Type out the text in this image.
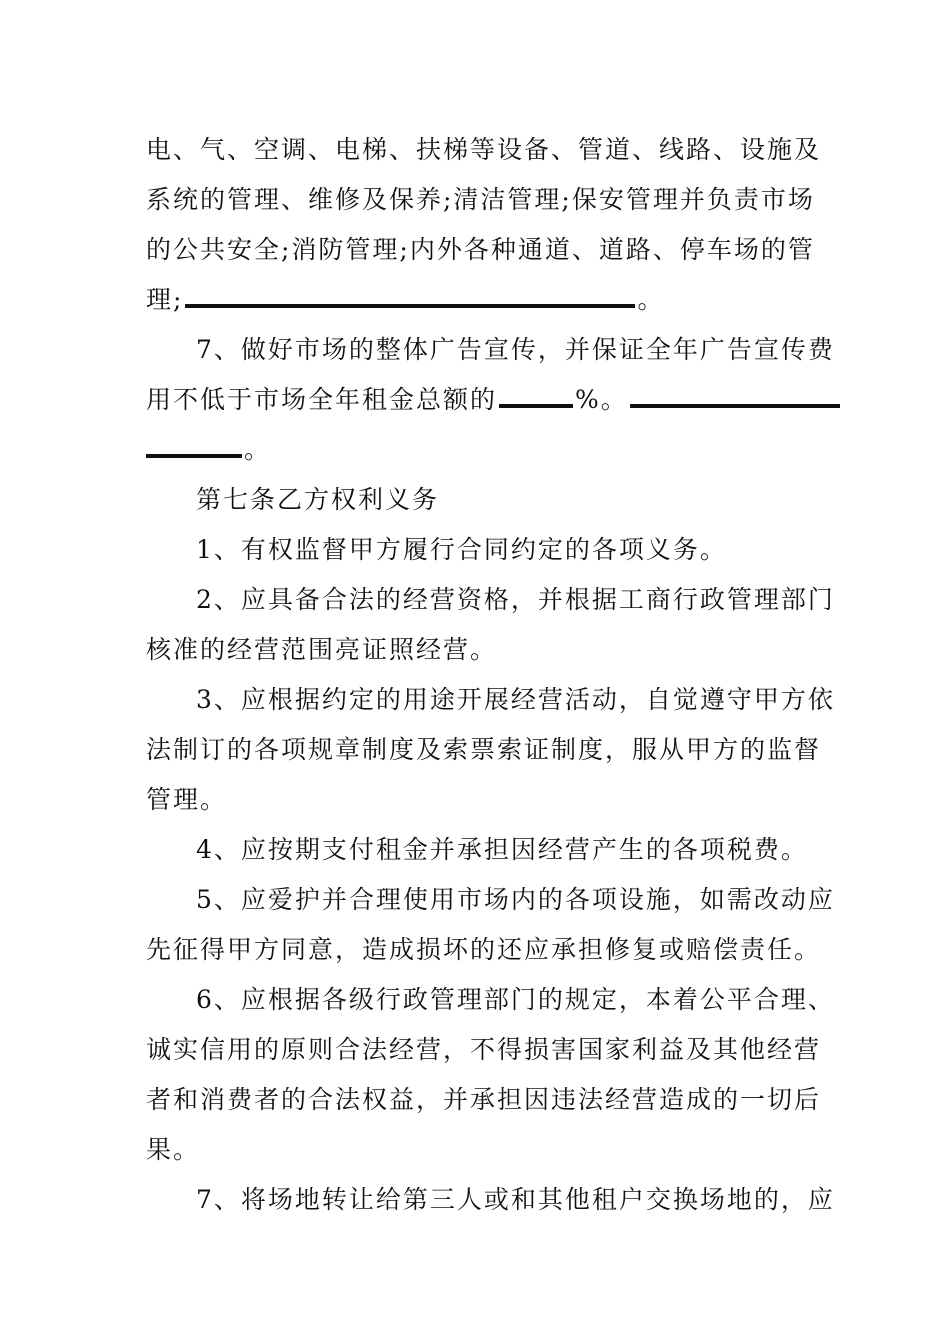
电、气、空调、电梯、扶梯等设备、管道、线路、设施及
系统的管理、维修及保养;清洁管理;保安管理并负责市场
的公共安全;消防管理;内外各种通道、道路、停车场的管
理;	。
7、做好市场的整体广告宣传，并保证全年广告宣传费
用不低于市场全年租金总额的	%。
。
第七条乙方权利义务
1、有权监督甲方履行合同约定的各项义务。
2、应具备合法的经营资格，并根据工商行政管理部门
核准的经营范围亮证照经营。
3、应根据约定的用途开展经营活动，自觉遵守甲方依
法制订的各项规章制度及索票索证制度，服从甲方的监督
管理。
4、应按期支付租金并承担因经营产生的各项税费。
5、应爱护并合理使用市场内的各项设施，如需改动应
先征得甲方同意，造成损坏的还应承担修复或赔偿责任。
6、应根据各级行政管理部门的规定，本着公平合理、
诚实信用的原则合法经营，不得损害国家利益及其他经营
者和消费者的合法权益，并承担因违法经营造成的一切后
果。
7、将场地转让给第三人或和其他租户交换场地的，应
